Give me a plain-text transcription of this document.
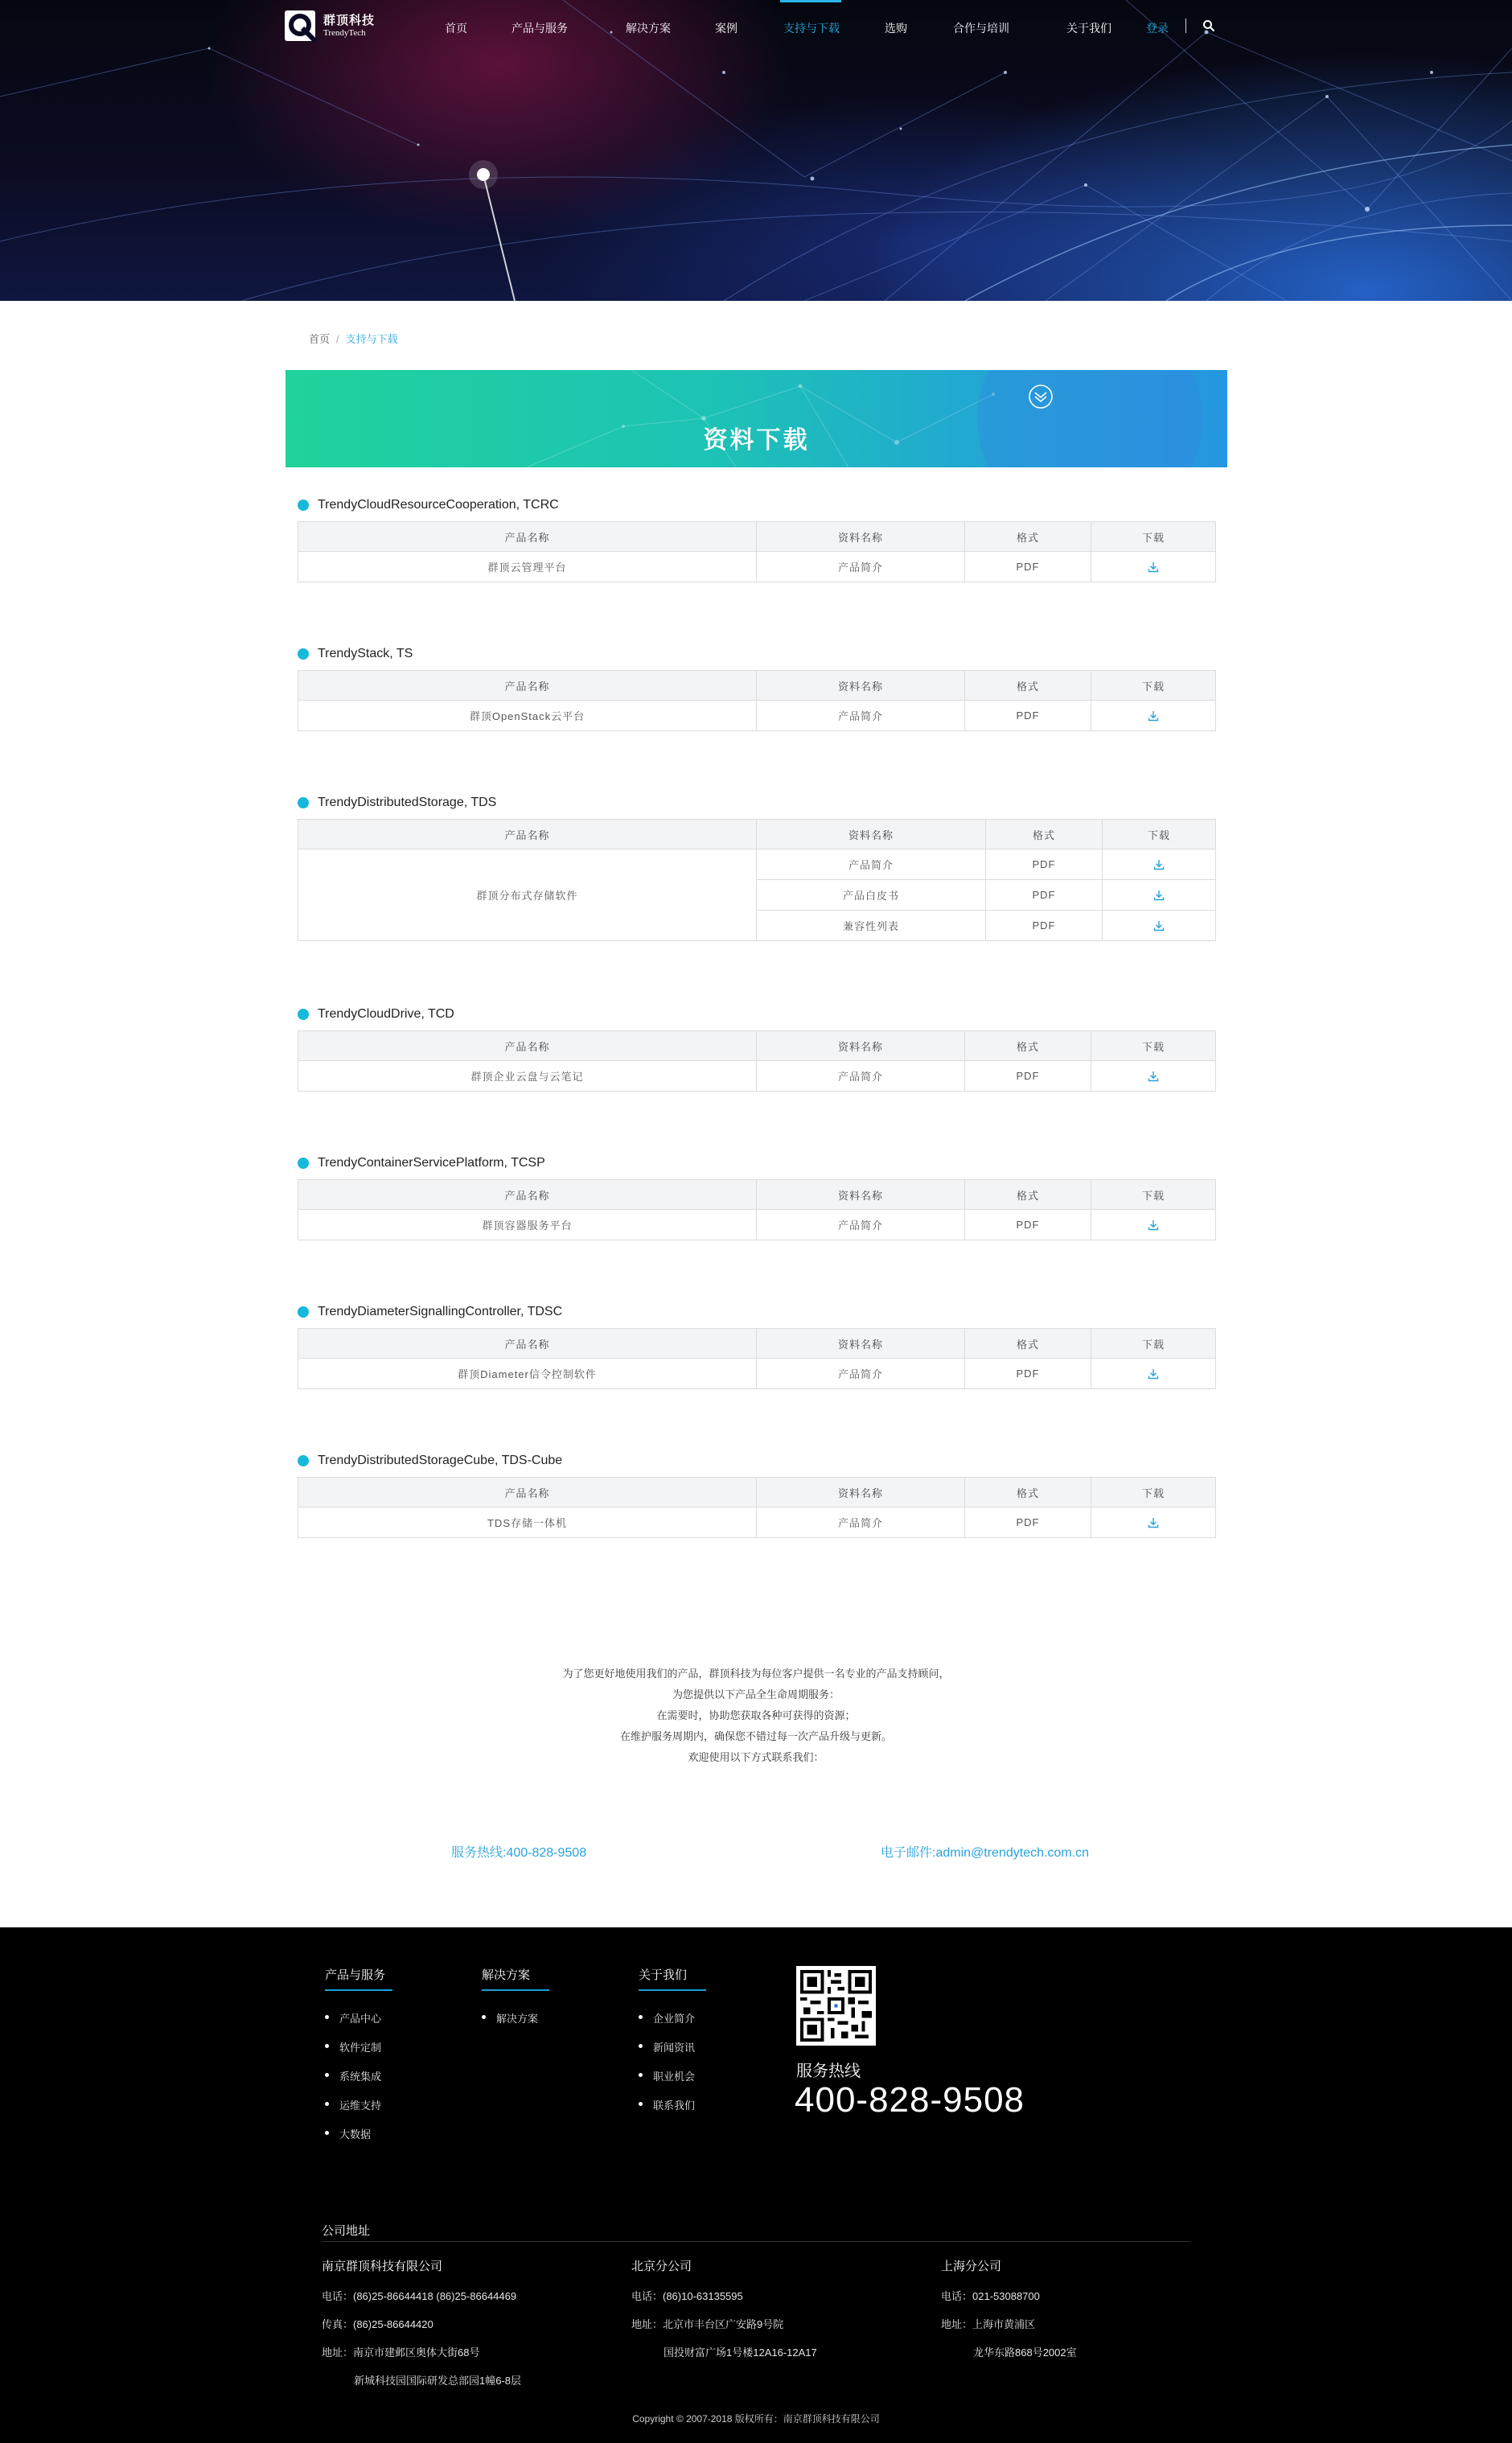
群顶科技
TrendyTech	首页	产品与服务	解决方案	案例	支持与下载	选购	合作与培训	关于我们	登录
首页 / 支持与下载
资料下载
TrendyCloudResourceCooperation, TCRC
产品名称	资料名称	格式	下载
群顶云管理平台	产品简介	PDF	
TrendyStack, TS
产品名称	资料名称	格式	下载
群顶OpenStack云平台	产品简介	PDF	
TrendyDistributedStorage, TDS
产品名称	资料名称	格式	下载
群顶分布式存储软件	产品简介	PDF	
	产品白皮书	PDF	
	兼容性列表	PDF	
TrendyCloudDrive, TCD
产品名称	资料名称	格式	下载
群顶企业云盘与云笔记	产品简介	PDF	
TrendyContainerServicePlatform, TCSP
产品名称	资料名称	格式	下载
群顶容器服务平台	产品简介	PDF	
TrendyDiameterSignallingController, TDSC
产品名称	资料名称	格式	下载
群顶Diameter信令控制软件	产品简介	PDF	
TrendyDistributedStorageCube, TDS-Cube
产品名称	资料名称	格式	下载
TDS存储一体机	产品简介	PDF	
为了您更好地使用我们的产品，群顶科技为每位客户提供一名专业的产品支持顾问，
为您提供以下产品全生命周期服务：
在需要时，协助您获取各种可获得的资源；
在维护服务周期内，确保您不错过每一次产品升级与更新。
欢迎使用以下方式联系我们：
服务热线:400-828-9508	电子邮件:admin@trendytech.com.cn
产品与服务
产品中心
软件定制
系统集成
运维支持
大数据
解决方案
解决方案
关于我们
企业简介
新闻资讯
职业机会
联系我们
服务热线
400-828-9508
公司地址
南京群顶科技有限公司
电话：(86)25-86644418 (86)25-86644469
传真：(86)25-86644420
地址：南京市建邺区奥体大街68号
新城科技园国际研发总部园1幢6-8层
北京分公司
电话：(86)10-63135595
地址：北京市丰台区广安路9号院
国投财富广场1号楼12A16-12A17
上海分公司
电话：021-53088700
地址：上海市黄浦区
龙华东路868号2002室
Copyright © 2007-2018 版权所有：南京群顶科技有限公司
